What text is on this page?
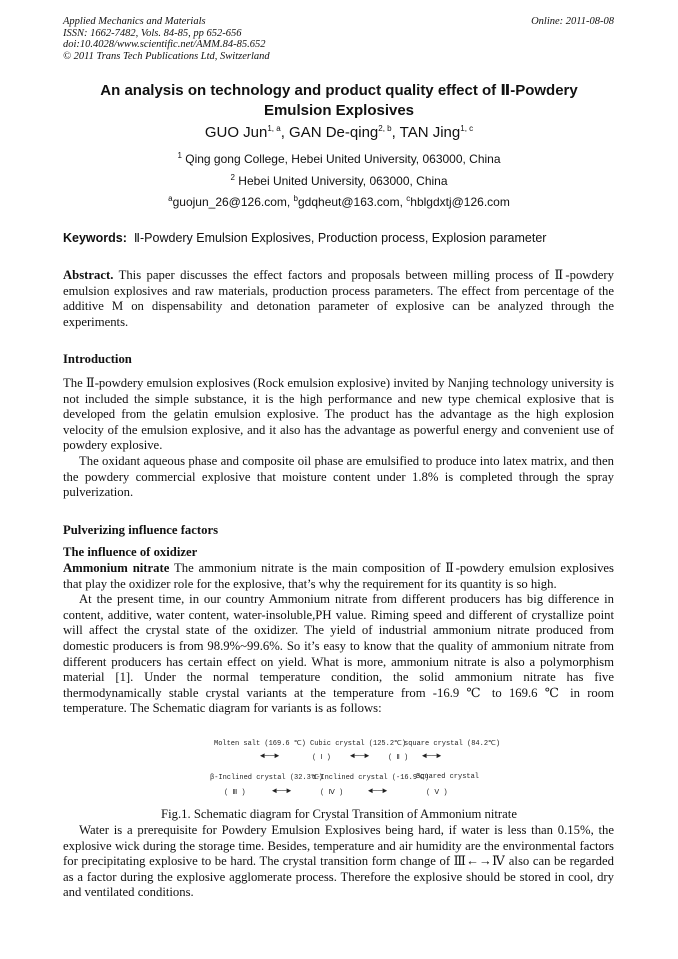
Applied Mechanics and Materials
ISSN: 1662-7482, Vols. 84-85, pp 652-656
doi:10.4028/www.scientific.net/AMM.84-85.652
© 2011 Trans Tech Publications Ltd, Switzerland
Online: 2011-08-08
An analysis on technology and product quality effect of Ⅱ-Powdery
Emulsion Explosives
GUO Jun$^{1, a}$, GAN De-qing$^{2, b}$, TAN Jing$^{1, c}$
$^1$ Qing gong College, Hebei United University, 063000, China
$^2$ Hebei United University, 063000, China
$^a$guojun_26@126.com, $^b$gdqheut@163.com, $^c$hblgdxtj@126.com
Keywords: Ⅱ-Powdery Emulsion Explosives, Production process, Explosion parameter
Abstract. This paper discusses the effect factors and proposals between milling process of Ⅱ-powdery emulsion explosives and raw materials, production process parameters. The effect from percentage of the additive M on dispensability and detonation parameter of explosive can be analyzed through the experiments.
Introduction
The Ⅱ-powdery emulsion explosives (Rock emulsion explosive) invited by Nanjing technology university is not included the simple substance, it is the high performance and new type chemical explosive that is developed from the gelatin emulsion explosive. The product has the advantage as the high explosion velocity of the emulsion explosive, and it also has the advantage as powerful energy and convenient use of powdery explosive.
The oxidant aqueous phase and composite oil phase are emulsified to produce into latex matrix, and then the powdery commercial explosive that moisture content under 1.8% is completed through the spray pulverization.
Pulverizing influence factors
The influence of oxidizer
Ammonium nitrate The ammonium nitrate is the main composition of Ⅱ-powdery emulsion explosives that play the oxidizer role for the explosive, that’s why the requirement for its quantity is so high.
At the present time, in our country Ammonium nitrate from different producers has big difference in content, additive, water content, water-insoluble,PH value. Riming speed and different of crystallize point will affect the crystal state of the oxidizer. The yield of industrial ammonium nitrate produced from domestic producers is from 98.9%~99.6%. So it’s easy to know that the quality of ammonium nitrate from different producers has certain effect on yield. What is more, ammonium nitrate is also a polymorphism material [1]. Under the normal temperature condition, the solid ammonium nitrate has five thermodynamically stable crystal variants at the temperature from -16.9 ℃ to 169.6 ℃ in room temperature. The Schematic diagram for variants is as follows:
Molten salt (169.6 ℃) Cubic crystal (125.2℃)
square crystal (84.2℃)
◄──►	( Ⅰ ) ◄──►	( Ⅱ ) ◄──►
β-Inclined crystal (32.3℃)
α-Inclined crystal (-16.9℃)
Squared crystal
( Ⅲ )	◄──►	( Ⅳ )	◄──►	( Ⅴ )
Fig.1. Schematic diagram for Crystal Transition of Ammonium nitrate
Water is a prerequisite for Powdery Emulsion Explosives being hard, if water is less than 0.15%, the explosive wick during the storage time. Besides, temperature and air humidity are the environmental factors for precipitating explosive to be hard. The crystal transition form change of Ⅲ←→Ⅳ also can be regarded as a factor during the explosive agglomerate process. Therefore the explosive should be stored in cool, dry and ventilated conditions.
